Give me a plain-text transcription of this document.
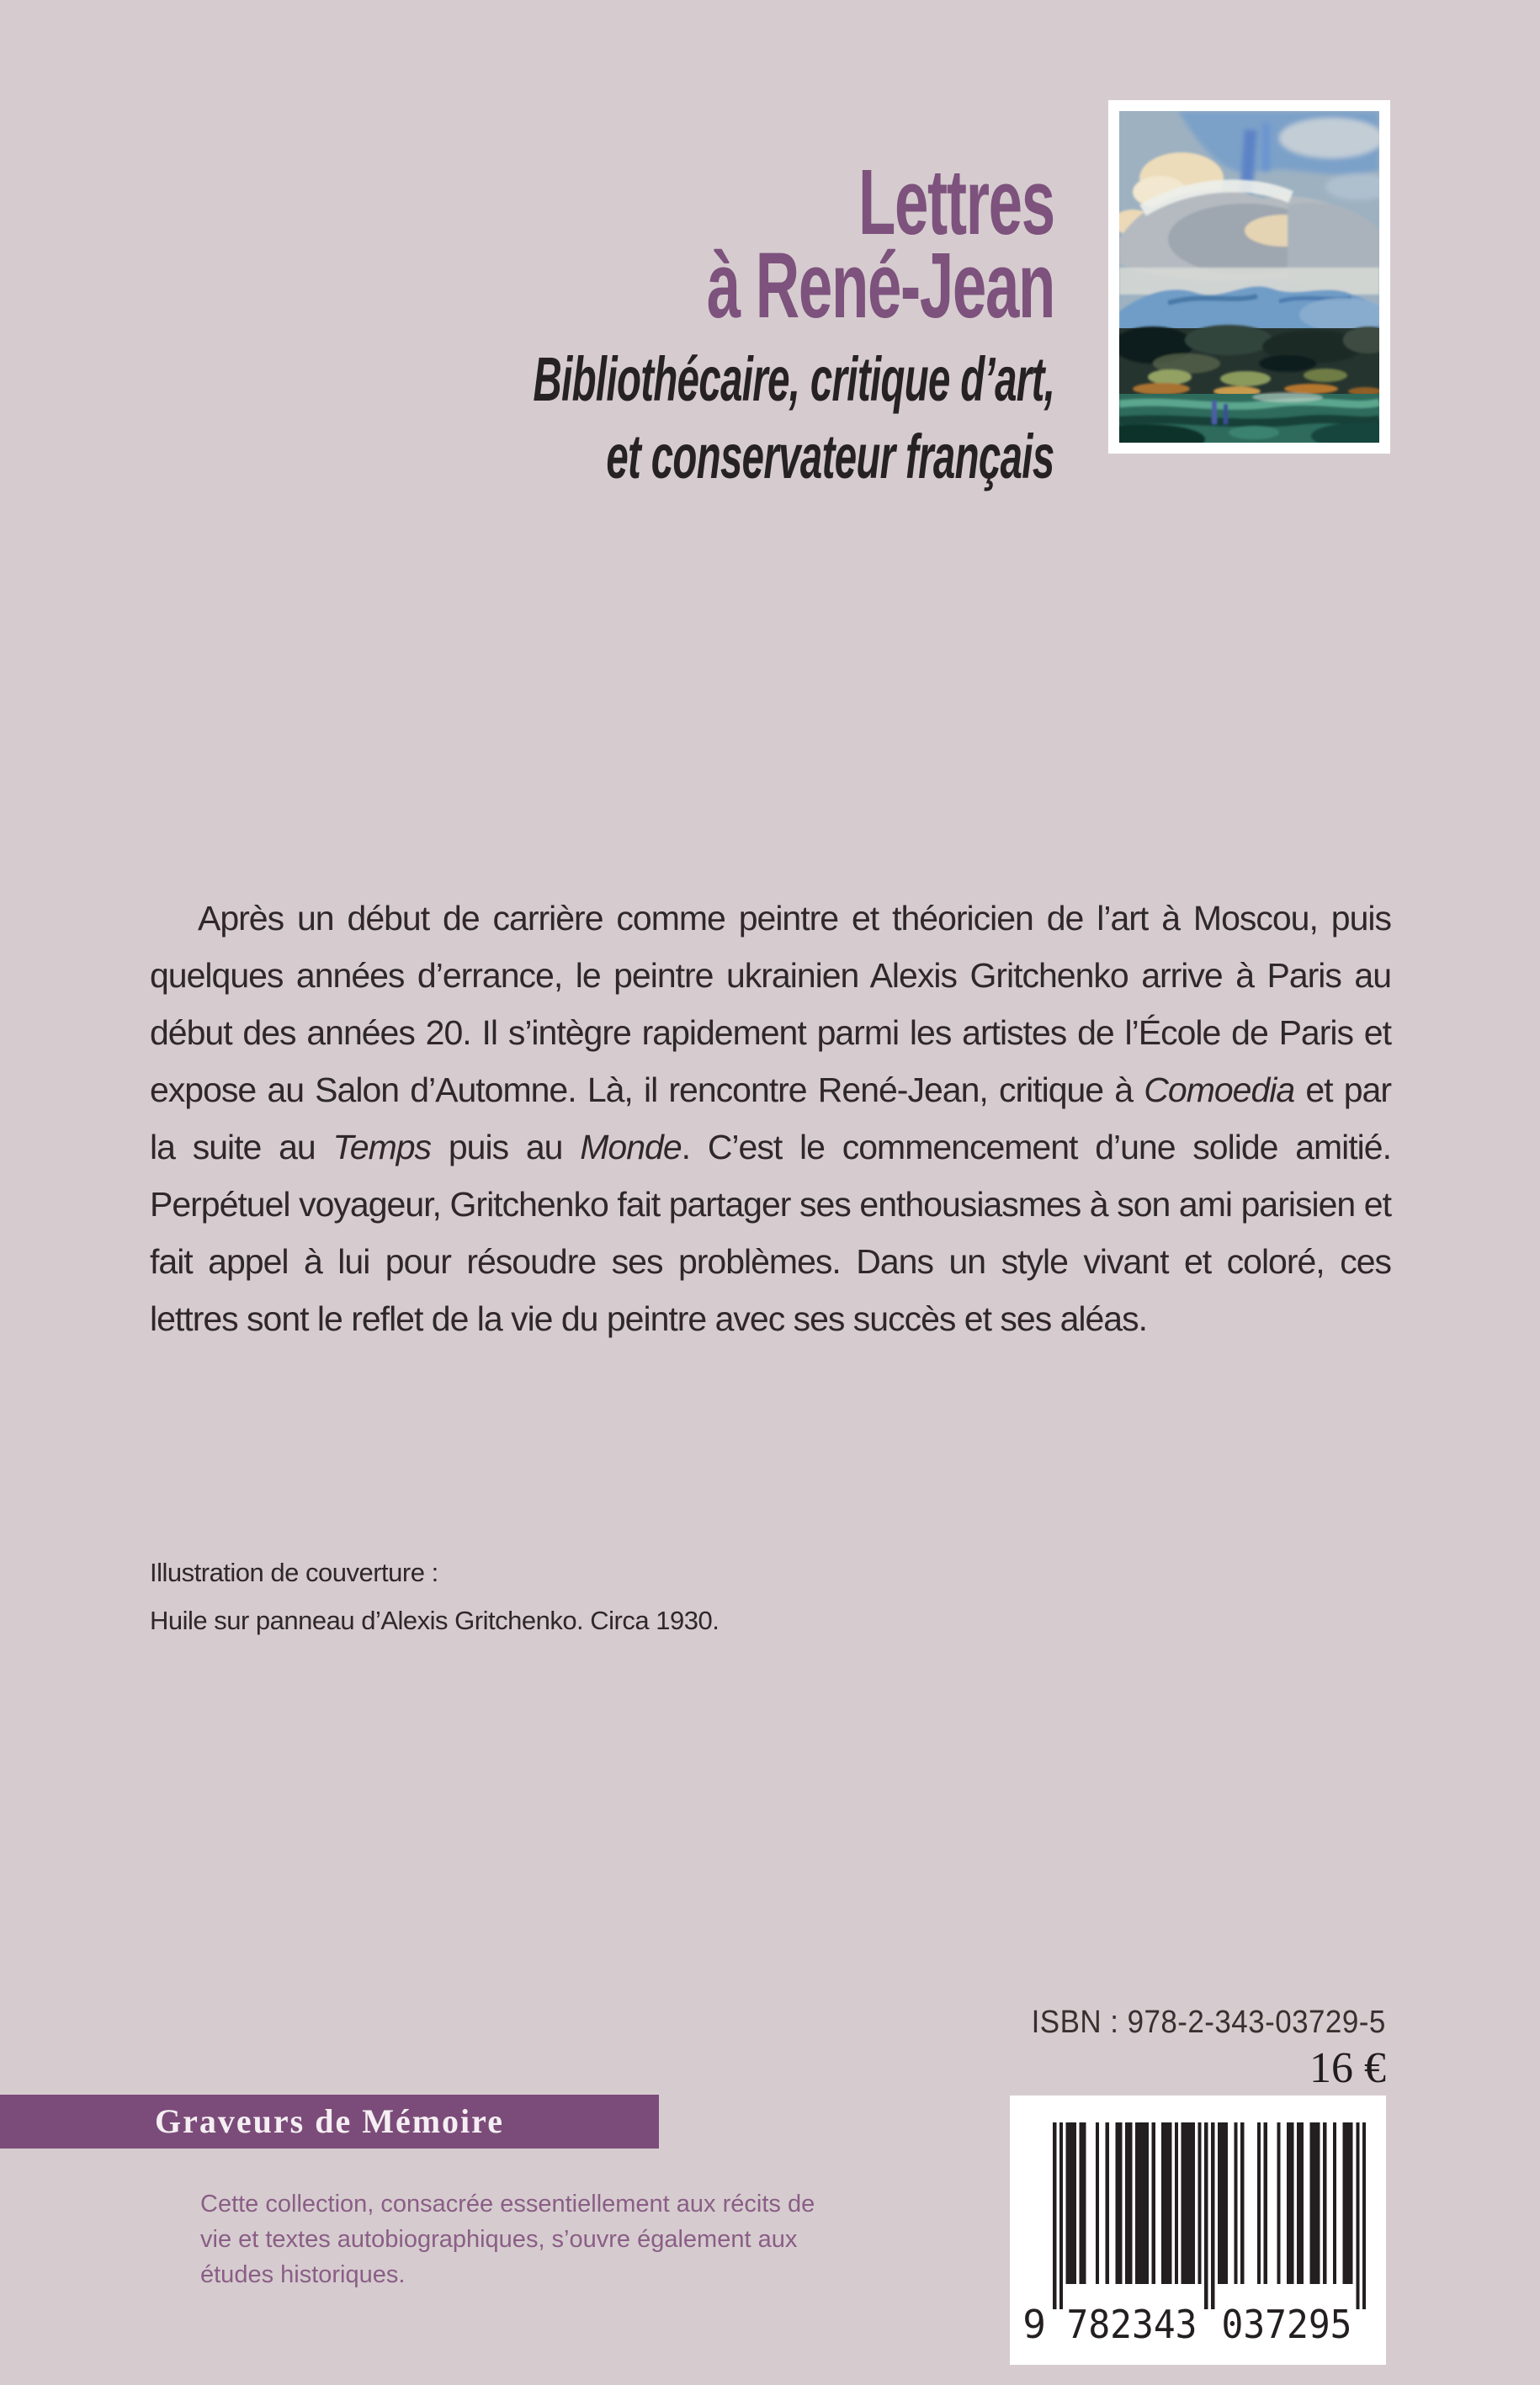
Lettres
à René-Jean
Bibliothécaire, critique d’art,
et conservateur français

Après un début de carrière comme peintre et théoricien de l’art à Moscou, puis quelques années d’errance, le peintre ukrainien Alexis Gritchenko arrive à Paris au début des années 20. Il s’intègre rapidement parmi les artistes de l’École de Paris et expose au Salon d’Automne. Là, il rencontre René-Jean, critique à Comoedia et par la suite au Temps puis au Monde. C’est le commencement d’une solide amitié. Perpétuel voyageur, Gritchenko fait partager ses enthousiasmes à son ami parisien et fait appel à lui pour résoudre ses problèmes. Dans un style vivant et coloré, ces lettres sont le reflet de la vie du peintre avec ses succès et ses aléas.

Illustration de couverture :
Huile sur panneau d’Alexis Gritchenko. Circa 1930.
ISBN : 978-2-343-03729-5
16 €
Graveurs de Mémoire
Cette collection, consacrée essentiellement aux récits de vie et textes autobiographiques, s’ouvre également aux études historiques.
9 782343 037295
